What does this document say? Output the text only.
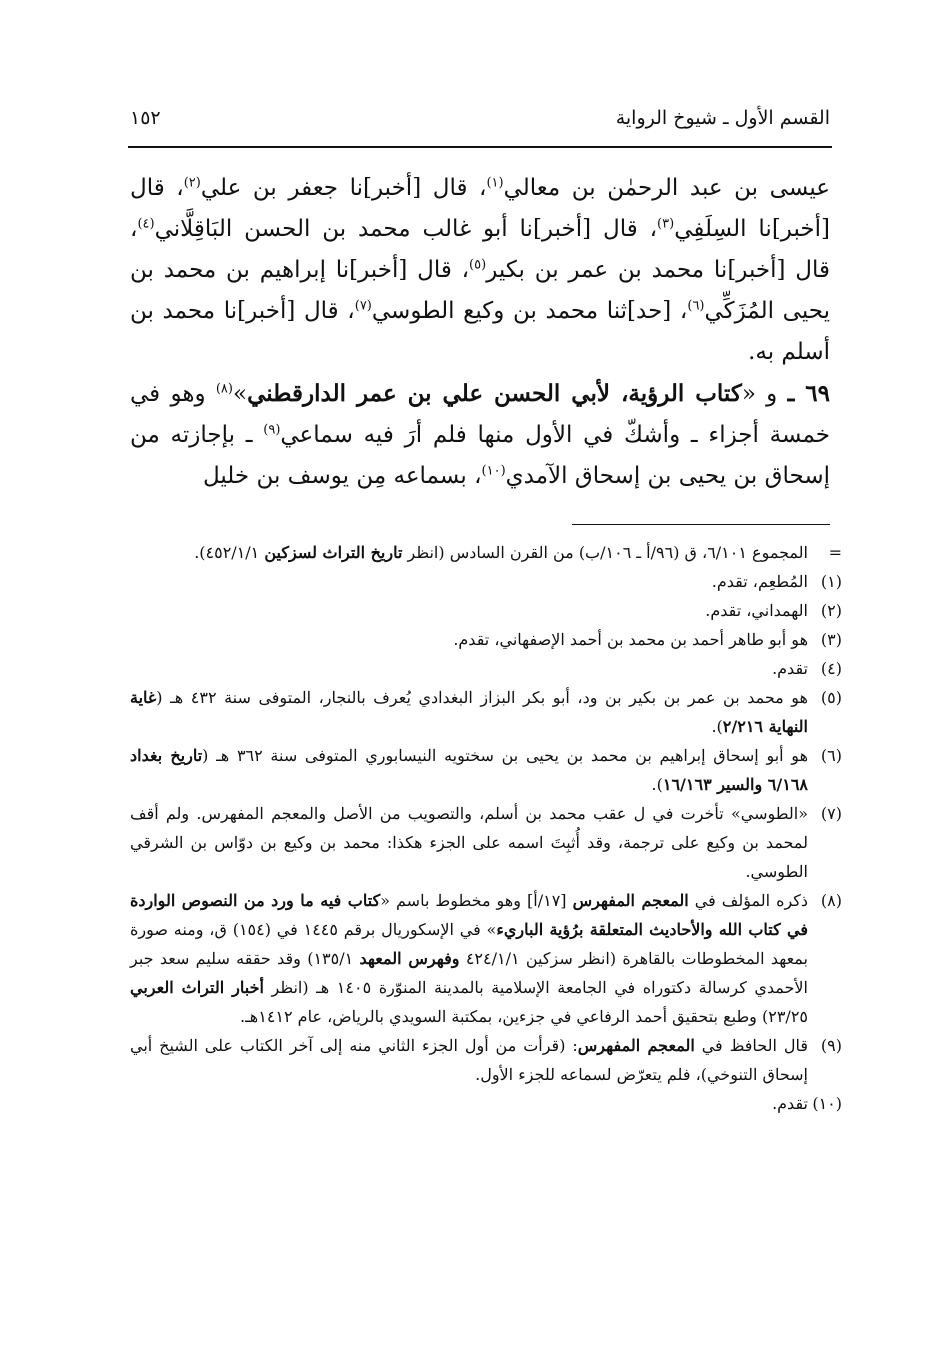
القسم الأول ـ شيوخ الرواية
١٥٢

عيسى بن عبد الرحمٰن بن معالي$^{(١)}$، قال [أخبر]نا جعفر بن علي$^{(٢)}$، قال [أخبر]نا السِلَفِي$^{(٣)}$، قال [أخبر]نا أبو غالب محمد بن الحسن البَاقِلَّاني$^{(٤)}$، قال [أخبر]نا محمد بن عمر بن بكير$^{(٥)}$، قال [أخبر]نا إبراهيم بن محمد بن يحيى المُزَكِّي$^{(٦)}$، [حد]ثنا محمد بن وكيع الطوسي$^{(٧)}$، قال [أخبر]نا محمد بن أسلم به.

٦٩ ـ و «كتاب الرؤية، لأبي الحسن علي بن عمر الدارقطني»$^{(٨)}$ وهو في خمسة أجزاء ـ وأشكّ في الأول منها فلم أرَ فيه سماعي$^{(٩)}$ ـ بإجازته من إسحاق بن يحيى بن إسحاق الآمدي$^{(١٠)}$، بسماعه مِن يوسف بن خليل

=
المجموع ٦/١٠١، ق (٩٦/أ ـ ١٠٦/ب) من القرن السادس (انظر تاريخ التراث لسزكين ٤٥٢/١/١).
(١)
المُطعِم، تقدم.
(٢)
الهمداني، تقدم.
(٣)
هو أبو طاهر أحمد بن محمد بن أحمد الإصفهاني، تقدم.
(٤)
تقدم.
(٥)
هو محمد بن عمر بن بكير بن ود، أبو بكر البزاز البغدادي يُعرف بالنجار، المتوفى سنة ٤٣٢ هـ (غاية النهاية ٢/٢١٦).
(٦)
هو أبو إسحاق إبراهيم بن محمد بن يحيى بن سختويه النيسابوري المتوفى سنة ٣٦٢ هـ (تاريخ بغداد ٦/١٦٨ والسير ١٦/١٦٣).
(٧)
«الطوسي» تأخرت في ل عقب محمد بن أسلم، والتصويب من الأصل والمعجم المفهرس. ولم أقف لمحمد بن وكيع على ترجمة، وقد أُثبِتَ اسمه على الجزء هكذا: محمد بن وكيع بن دوّاس بن الشرقي الطوسي.
(٨)
ذكره المؤلف في المعجم المفهرس [١٧/أ] وهو مخطوط باسم «كتاب فيه ما ورد من النصوص الواردة في كتاب الله والأحاديث المتعلقة برُؤية الباريء» في الإسكوريال برقم ١٤٤٥ في (١٥٤) ق، ومنه صورة بمعهد المخطوطات بالقاهرة (انظر سزكين ٤٢٤/١/١ وفهرس المعهد ١٣٥/١) وقد حققه سليم سعد جبر الأحمدي كرسالة دكتوراه في الجامعة الإسلامية بالمدينة المنوّرة ١٤٠٥ هـ (انظر أخبار التراث العربي ٢٣/٢٥) وطبع بتحقيق أحمد الرفاعي في جزءين، بمكتبة السويدي بالرياض، عام ١٤١٢هـ.
(٩)
قال الحافظ في المعجم المفهرس: (قرأت من أول الجزء الثاني منه إلى آخر الكتاب على الشيخ أبي إسحاق التنوخي)، فلم يتعرّض لسماعه للجزء الأول.
(١٠)
تقدم.
